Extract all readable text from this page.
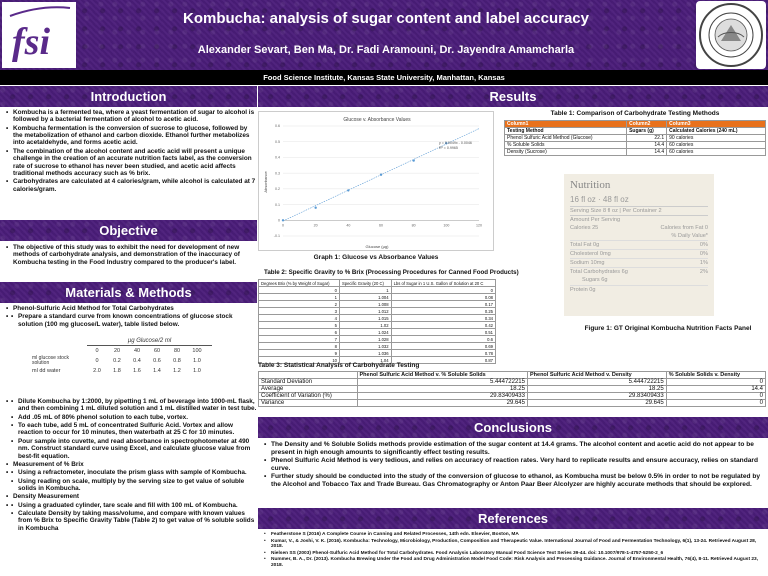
fsi
Kombucha: analysis of sugar content and label accuracy
Alexander Sevart, Ben Ma, Dr. Fadi Aramouni, Dr. Jayendra Amamcharla
Food Science Institute, Kansas State University, Manhattan, Kansas
Introduction
• Kombucha is a fermented tea, where a yeast fermentation of sugar to alcohol is followed by a bacterial fermentation of alcohol to acetic acid.
• Kombucha fermentation is the conversion of sucrose to glucose, followed by the metabolization of ethanol and carbon dioxide. Ethanol further metabolizes into acetaldehyde, and forms acetic acid.
• The combination of the alcohol content and acetic acid will present a unique challenge in the creation of an accurate nutrition facts label, as the conversion rate of sucrose to ethanol has never been studied, and acetic acid affects traditional methods accuracy such as % brix.
• Carbohydrates are calculated at 4 calories/gram, while alcohol is calculated at 7 calories/gram.
Objective
• The objective of this study was to exhibit the need for development of new methods of carbohydrate analysis, and demonstration of the inaccuracy of Kombucha testing in the Food Industry compared to the producer's label.
Materials & Methods
• Phenol-Sulfuric Acid Method for Total Carbohydrates
• • Prepare a standard curve from known concentrations of glucose stock solution (100 mg glucose/L water), table listed below.
µg Glucose/2 ml
0	20	40	60	80	100
ml glucose stock solution	0	0.2	0.4	0.6	0.8	1.0
ml dd water	2.0	1.8	1.6	1.4	1.2	1.0
• • Dilute Kombucha by 1:2000, by pipetting 1 mL of beverage into 1000-mL flask, and then combining 1 mL diluted solution and 1 mL distilled water in test tube.
• Add .05 mL of 80% phenol solution to each tube, vortex.
• To each tube, add 5 mL of concentrated Sulfuric Acid. Vortex and allow reaction to occur for 10 minutes, then waterbath at 25 C for 10 minutes.
• Pour sample into cuvette, and read absorbance in spectrophotometer at 490 nm. Construct standard curve using Excel, and calculate glucose value from best-fit equation.
• Measurement of % Brix
• • Using a refractometer, inoculate the prism glass with sample of Kombucha.
• Using reading on scale, multiply by the serving size to get value of soluble solids in Kombucha.
• Density Measurement
• • Using a graduated cylinder, tare scale and fill with 100 mL of Kombucha.
• Calculate Density by taking mass/volume, and compare with known values from % Brix to Specific Gravity Table (Table 2) to get value of % soluble solids in Kombucha
Results
Glucose v. Absorbance Values
-0.1
0
0.1
0.2
0.3
0.4
0.5
0.6
0	20	40	60	80	100	120
y = 0.0049x - 0.0046
R² = 0.9965
Glucose (µg)
Absorbance
Graph 1: Glucose vs Absorbance Values
Table 1: Comparison of Carbohydrate Testing Methods
Column1	Column2	Column3
Testing Method	Sugars (g)	Calculated Calories (240 mL)
Phenol Sulfuric Acid Method (Glucose)	22.1	90 calories
% Soluble Solids	14.4	60 calories
Density (Sucrose)	14.4	60 calories
Nutrition
16 fl oz · 48 fl oz
Serving Size 8 fl oz | Per Container 2
Amount Per Serving
Calories 25	Calories from Fat 0
% Daily Value*
Total Fat 0g	0%
Cholesterol 0mg	0%
Sodium 10mg	1%
Total Carbohydrates 6g	2%
Sugars 6g
Protein 0g
Figure 1: GT Original Kombucha Nutrition Facts Panel
Table 2: Specific Gravity to % Brix (Processing Procedures for Canned Food Products)
Degrees Brix (% by Weight of Sugar)	Specific Gravity (20 C)	Lbs of Sugar in 1 U.S. Gallon of Solution at 20 C
0	1	0
1	1.004	0.08
2	1.008	0.17
3	1.012	0.25
4	1.015	0.34
5	1.02	0.42
6	1.024	0.51
7	1.028	0.6
8	1.032	0.69
9	1.036	0.78
10	1.04	0.87
Table 3: Statistical Analysis of Carbohydrate Testing
	Phenol Sulfuric Acid Method v. % Soluble Solids	Phenol Sulfuric Acid Method v. Density	% Soluble Solids v. Density
Standard Deviation	5.444722215	5.444722215	0
Average	18.25	18.25	14.4
Coefficient of Variation (%)	29.83409433	29.83409433	0
Variance	29.645	29.645	0
Conclusions
• The Density and % Soluble Solids methods provide estimation of the sugar content at 14.4 grams. The alcohol content and acetic acid do not appear to be present in high enough amounts to significantly effect testing results.
• Phenol Sulfuric Acid Method is very tedious, and relies on accuracy of reaction rates. Very hard to replicate results and ensure accuracy, relies on standard curve.
• Further study should be conducted into the study of the conversion of glucose to ethanol, as Kombucha must be below 0.5% in order to not be regulated by the Alcohol and Tobacco Tax and Trade Bureau. Gas Chromatography or Anton Paar Beer Alcolyzer are highly accurate methods that should be explored.
References
• Featherstone S (2016) A Complete Course in Canning and Related Processes, 14th edn. Elsevier, Boston, MA
• Kumar, V., & Joshi, V. K. (2016). Kombucha: Technology, Microbiology, Production, Composition and Therapeutic Value. International Journal of Food and Fermentation Technology, 6(1), 13-24. Retrieved August 28, 2018.
• Nielsen SS (2003) Phenol-Sulfuric Acid Method for Total Carbohydrates. Food Analysis Laboratory Manual Food Science Text Series 39-44. doi: 10.1007/978-1-4757-5250-2_6
• Nummer, B. A., Dr. (2013). Kombucha Brewing Under the Food and Drug Administration Model Food Code: Risk Analysis and Processing Guidance. Journal of Environmental Health, 76(4), 8-11. Retrieved August 23, 2018.
